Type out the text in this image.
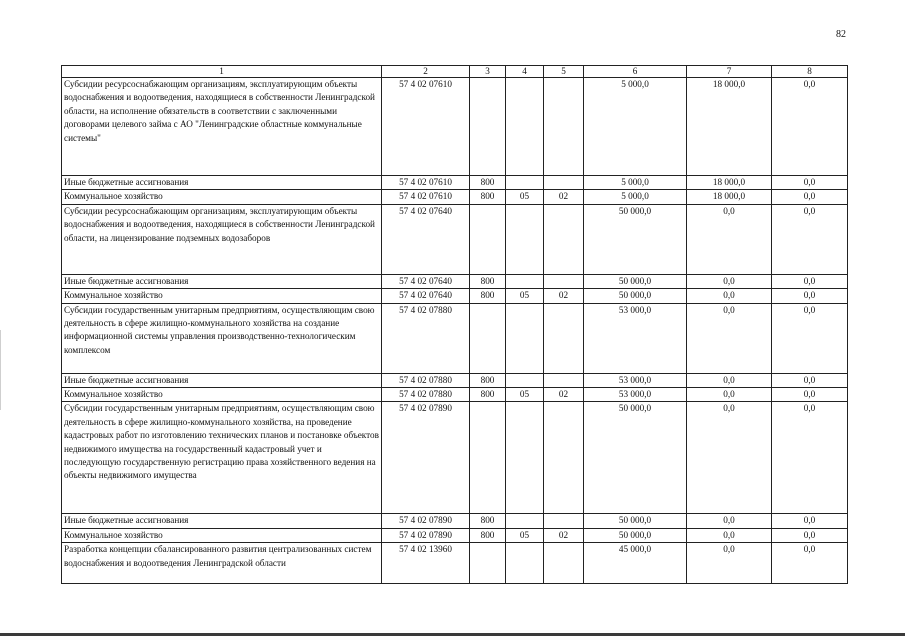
82
1	2	3	4	5	6	7	8
Субсидии ресурсоснабжающим организациям, эксплуатирующим объекты водоснабжения и водоотведения, находящиеся в собственности Ленинградской области, на исполнение обязательств в соответствии с заключенными договорами целевого займа с АО "Ленинградские областные коммунальные системы"	57 4 02 07610				5 000,0	18 000,0	0,0
Иные бюджетные ассигнования	57 4 02 07610	800			5 000,0	18 000,0	0,0
Коммунальное хозяйство	57 4 02 07610	800	05	02	5 000,0	18 000,0	0,0
Субсидии ресурсоснабжающим организациям, эксплуатирующим объекты водоснабжения и водоотведения, находящиеся в собственности Ленинградской области, на лицензирование подземных водозаборов	57 4 02 07640				50 000,0	0,0	0,0
Иные бюджетные ассигнования	57 4 02 07640	800			50 000,0	0,0	0,0
Коммунальное хозяйство	57 4 02 07640	800	05	02	50 000,0	0,0	0,0
Субсидии государственным унитарным предприятиям, осуществляющим свою деятельность в сфере жилищно-коммунального хозяйства на создание информационной системы управления производственно-технологическим комплексом	57 4 02 07880				53 000,0	0,0	0,0
Иные бюджетные ассигнования	57 4 02 07880	800			53 000,0	0,0	0,0
Коммунальное хозяйство	57 4 02 07880	800	05	02	53 000,0	0,0	0,0
Субсидии государственным унитарным предприятиям, осуществляющим свою деятельность в сфере жилищно-коммунального хозяйства, на проведение кадастровых работ по изготовлению технических планов и постановке объектов недвижимого имущества на государственный кадастровый учет и последующую государственную регистрацию права хозяйственного ведения на объекты недвижимого имущества	57 4 02 07890				50 000,0	0,0	0,0
Иные бюджетные ассигнования	57 4 02 07890	800			50 000,0	0,0	0,0
Коммунальное хозяйство	57 4 02 07890	800	05	02	50 000,0	0,0	0,0
Разработка концепции сбалансированного развития централизованных систем водоснабжения и водоотведения Ленинградской области	57 4 02 13960				45 000,0	0,0	0,0
